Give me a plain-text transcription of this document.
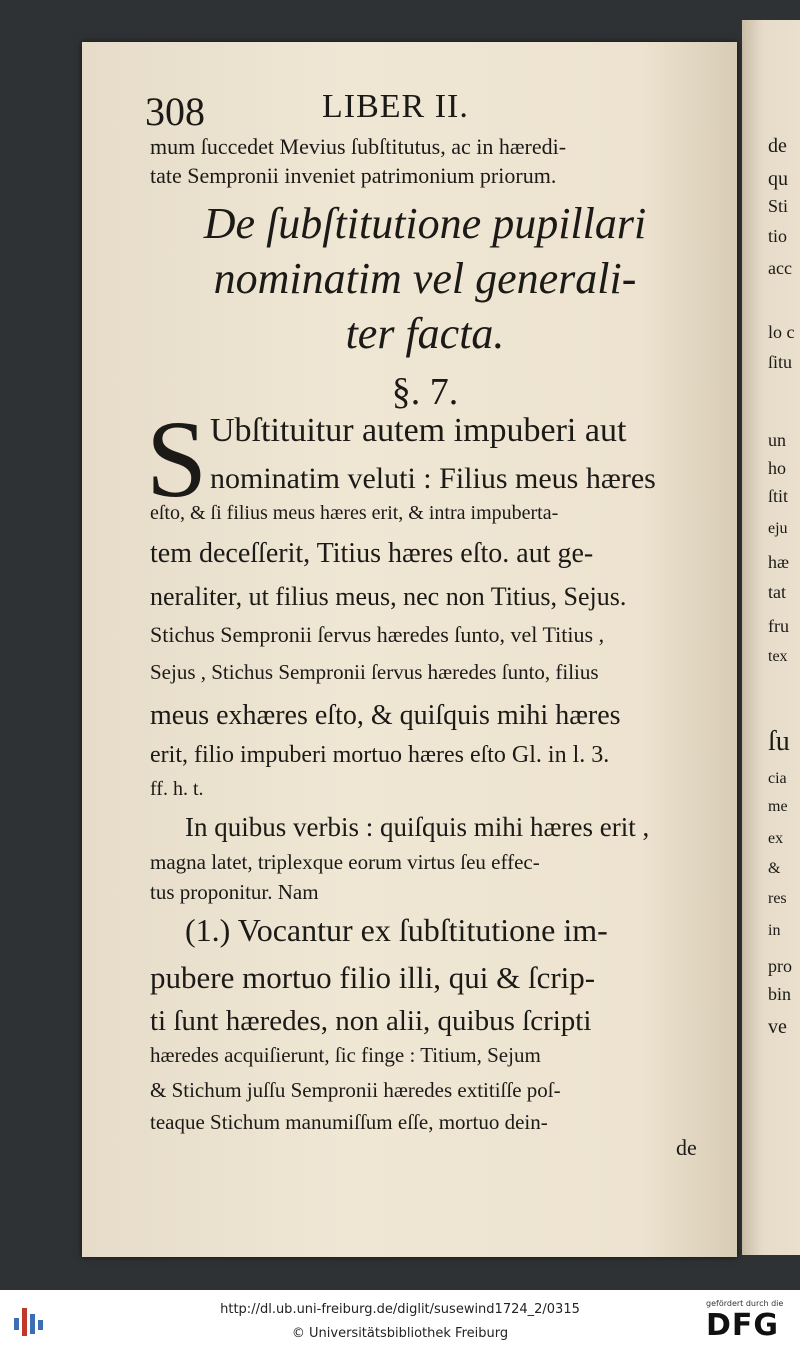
308	LIBER II.
mum ſuccedet Mevius ſubſtitutus, ac in hæredi-
tate Sempronii inveniet patrimonium priorum.
De ſubſtitutione pupillari
nominatim vel generali-
ter facta.
§. 7.
S Ubſtituitur autem impuberi aut
nominatim veluti : Filius meus hæres
eſto, & ſi filius meus hæres erit, & intra impuberta-
tem deceſſerit, Titius hæres eſto. aut ge-
neraliter, ut filius meus, nec non Titius, Sejus.
Stichus Sempronii ſervus hæredes ſunto, vel Titius ,
Sejus , Stichus Sempronii ſervus hæredes ſunto, filius
meus exhæres eſto, & quiſquis mihi hæres
erit, filio impuberi mortuo hæres eſto Gl. in l. 3.
ff. h. t.
In quibus verbis : quiſquis mihi hæres erit ,
magna latet, triplexque eorum virtus ſeu effec-
tus proponitur. Nam
(1.) Vocantur ex ſubſtitutione im-
pubere mortuo filio illi, qui & ſcrip-
ti ſunt hæredes, non alii, quibus ſcripti
hæredes acquiſierunt, ſic finge : Titium, Sejum
& Stichum juſſu Sempronii hæredes extitiſſe poſ-
teaque Stichum manumiſſum eſſe, mortuo dein-
de
de
qu
Sti
tio
acc
lo c
ſitu
un
ho
ſtit
eju
hæ
tat
fru
tex
ſu
cia
me
ex
&
res
in
pro
bin
ve
http://dl.ub.uni-freiburg.de/diglit/susewind1724_2/0315
© Universitätsbibliothek Freiburg
gefördert durch die
DFG
